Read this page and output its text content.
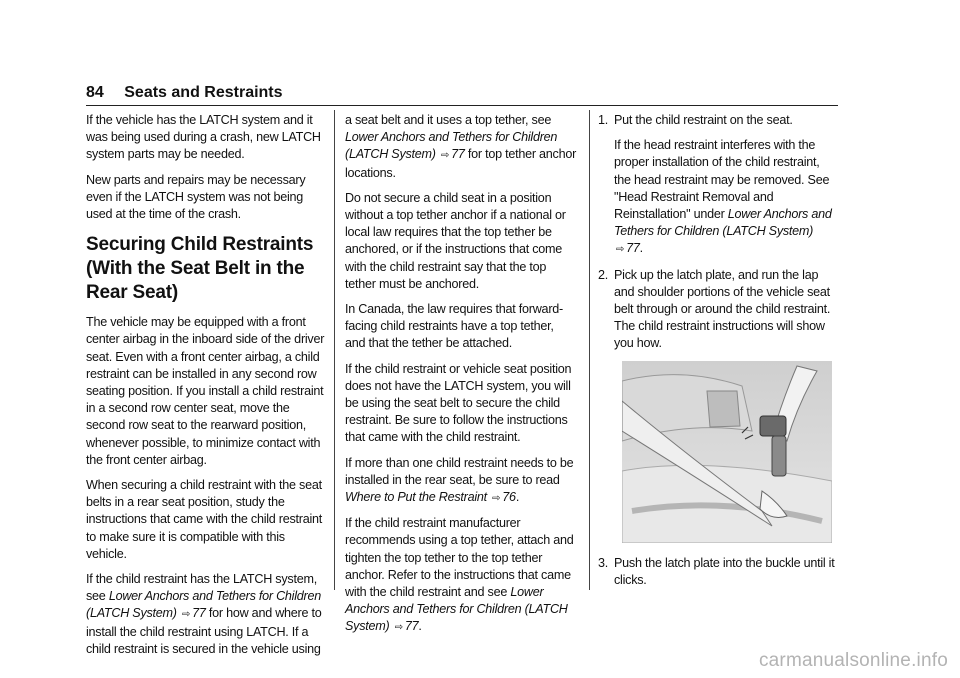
84 Seats and Restraints

If the vehicle has the LATCH system and it was being used during a crash, new LATCH system parts may be needed.

New parts and repairs may be necessary even if the LATCH system was not being used at the time of the crash.

Securing Child Restraints (With the Seat Belt in the Rear Seat)

The vehicle may be equipped with a front center airbag in the inboard side of the driver seat. Even with a front center airbag, a child restraint can be installed in any second row seating position. If you install a child restraint in a second row center seat, move the second row seat to the rearward position, whenever possible, to minimize contact with the front center airbag.

When securing a child restraint with the seat belts in a rear seat position, study the instructions that came with the child restraint to make sure it is compatible with this vehicle.

If the child restraint has the LATCH system, see Lower Anchors and Tethers for Children (LATCH System) ⇨ 77 for how and where to install the child restraint using LATCH. If a child restraint is secured in the vehicle using

a seat belt and it uses a top tether, see Lower Anchors and Tethers for Children (LATCH System) ⇨ 77 for top tether anchor locations.

Do not secure a child seat in a position without a top tether anchor if a national or local law requires that the top tether be anchored, or if the instructions that come with the child restraint say that the top tether must be anchored.

In Canada, the law requires that forward-facing child restraints have a top tether, and that the tether be attached.

If the child restraint or vehicle seat position does not have the LATCH system, you will be using the seat belt to secure the child restraint. Be sure to follow the instructions that came with the child restraint.

If more than one child restraint needs to be installed in the rear seat, be sure to read Where to Put the Restraint ⇨ 76.

If the child restraint manufacturer recommends using a top tether, attach and tighten the top tether to the top tether anchor. Refer to the instructions that came with the child restraint and see Lower Anchors and Tethers for Children (LATCH System) ⇨ 77.

1. Put the child restraint on the seat.

If the head restraint interferes with the proper installation of the child restraint, the head restraint may be removed. See "Head Restraint Removal and Reinstallation" under Lower Anchors and Tethers for Children (LATCH System) ⇨ 77.

2. Pick up the latch plate, and run the lap and shoulder portions of the vehicle seat belt through or around the child restraint. The child restraint instructions will show you how.

3. Push the latch plate into the buckle until it clicks.

carmanualsonline.info
